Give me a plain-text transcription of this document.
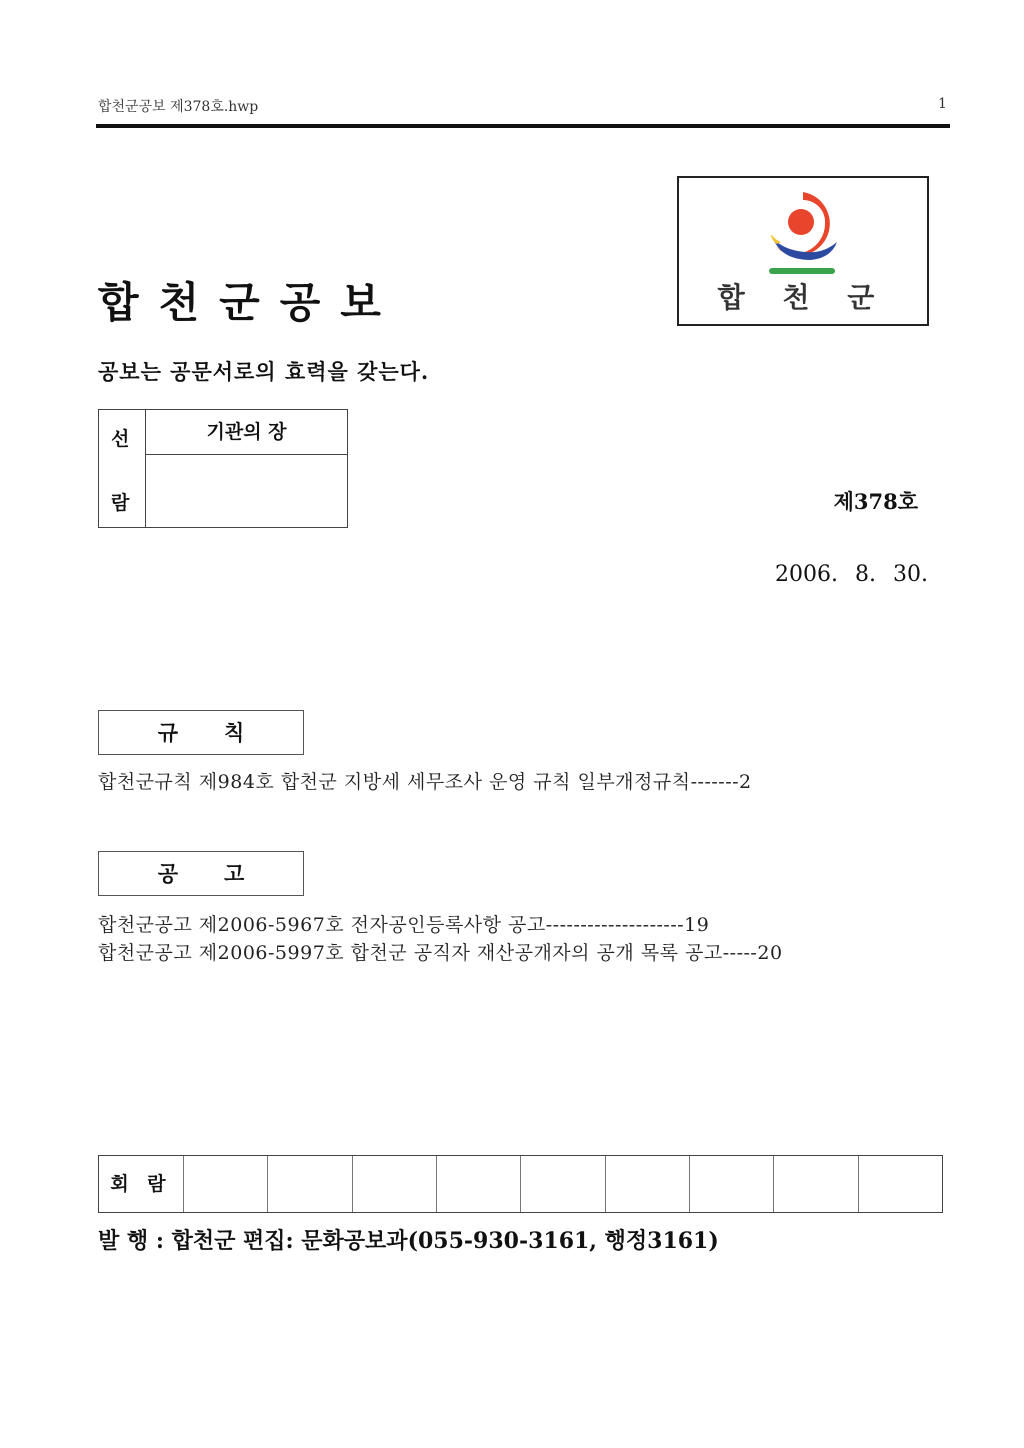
합천군공보 제378호.hwp	1
합 천 군
합천군공보
공보는 공문서로의 효력을 갖는다.
선
람
기관의 장
제378호
2006. 8. 30.
규칙
합천군규칙 제984호 합천군 지방세 세무조사 운영 규칙 일부개정규칙-------2
공고
합천군공고 제2006-5967호 전자공인등록사항 공고--------------------19
합천군공고 제2006-5997호 합천군 공직자 재산공개자의 공개 목록 공고-----20
회 람
발 행 : 합천군 편집: 문화공보과(055-930-3161, 행정3161)
